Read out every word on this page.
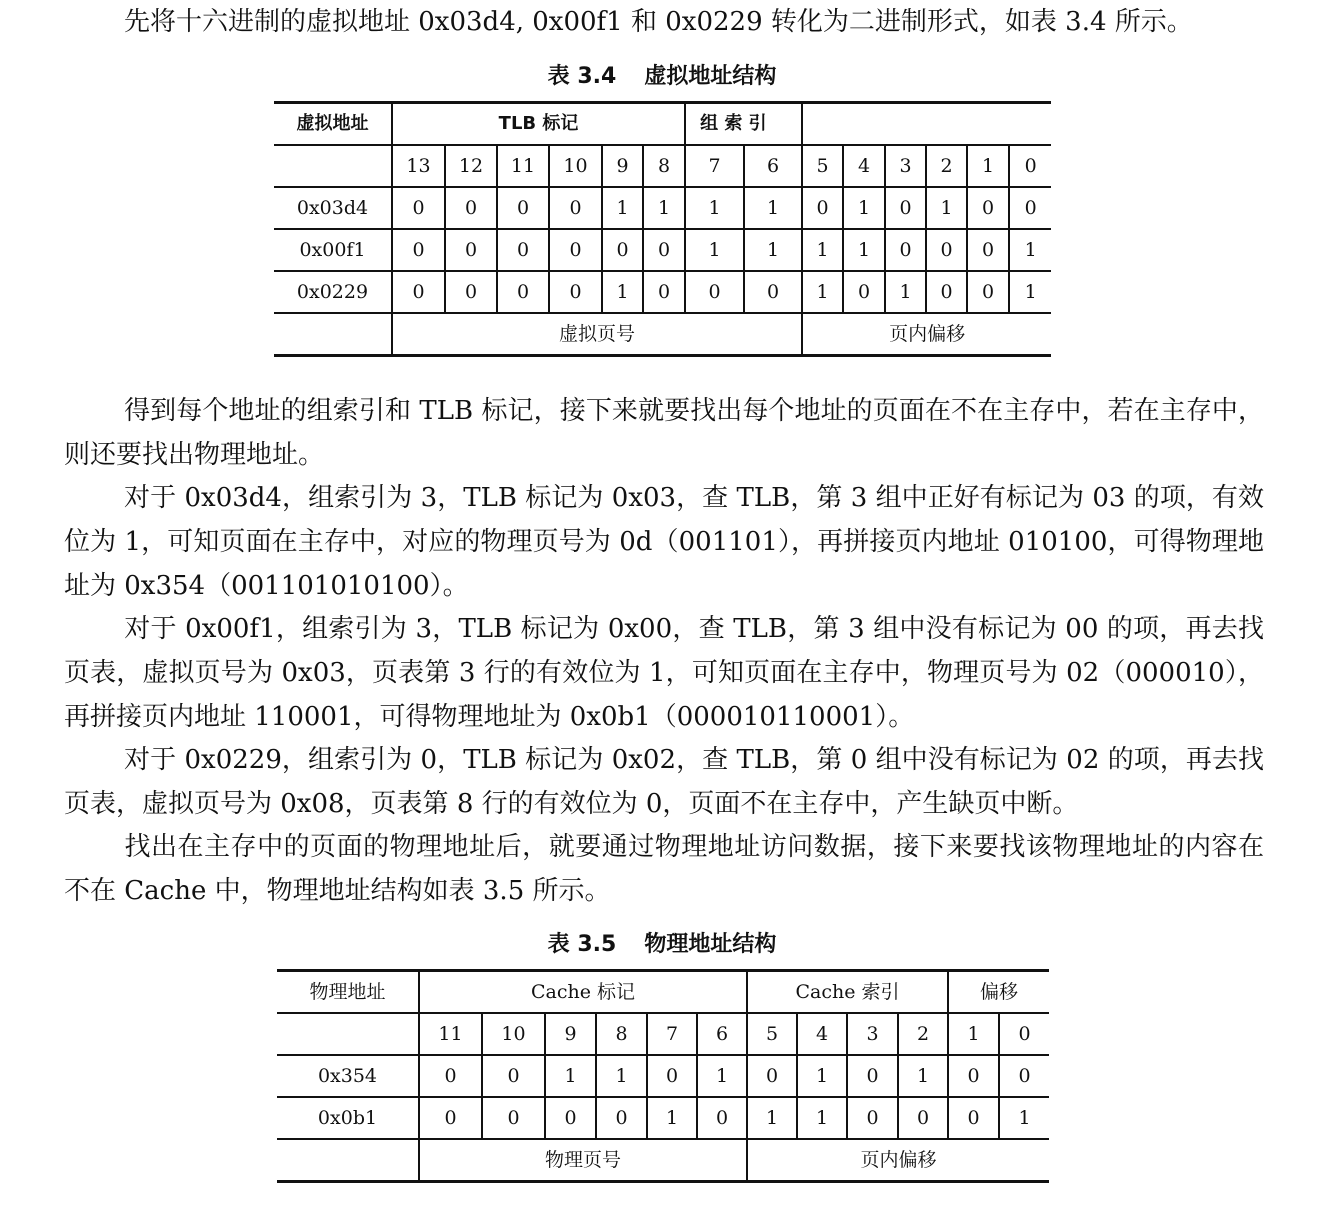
先将十六进制的虚拟地址 0x03d4, 0x00f1 和 0x0229 转化为二进制形式，如表 3.4 所示。

表 3.4 虚拟地址结构
虚拟地址	TLB 标记						组 索 引							
	13	12	11	10	9	8	7	6	5	4	3	2	1	0
0x03d4	0	0	0	0	1	1	1	1	0	1	0	1	0	0
0x00f1	0	0	0	0	0	0	1	1	1	1	0	0	0	1
0x0229	0	0	0	0	1	0	0	0	1	0	1	0	0	1
	虚拟页号								页内偏移					

得到每个地址的组索引和 TLB 标记，接下来就要找出每个地址的页面在不在主存中，若在主存中，则还要找出物理地址。

对于 0x03d4，组索引为 3，TLB 标记为 0x03，查 TLB，第 3 组中正好有标记为 03 的项，有效位为 1，可知页面在主存中，对应的物理页号为 0d（001101），再拼接页内地址 010100，可得物理地址为 0x354（001101010100）。

对于 0x00f1，组索引为 3，TLB 标记为 0x00，查 TLB，第 3 组中没有标记为 00 的项，再去找页表，虚拟页号为 0x03，页表第 3 行的有效位为 1，可知页面在主存中，物理页号为 02（000010），再拼接页内地址 110001，可得物理地址为 0x0b1（000010110001）。

对于 0x0229，组索引为 0，TLB 标记为 0x02，查 TLB，第 0 组中没有标记为 02 的项，再去找页表，虚拟页号为 0x08，页表第 8 行的有效位为 0，页面不在主存中，产生缺页中断。

找出在主存中的页面的物理地址后，就要通过物理地址访问数据，接下来要找该物理地址的内容在不在 Cache 中，物理地址结构如表 3.5 所示。

表 3.5 物理地址结构
物理地址	Cache 标记						Cache 索引				偏移	
	11	10	9	8	7	6	5	4	3	2	1	0
0x354	0	0	1	1	0	1	0	1	0	1	0	0
0x0b1	0	0	0	0	1	0	1	1	0	0	0	1
	物理页号						页内偏移					
